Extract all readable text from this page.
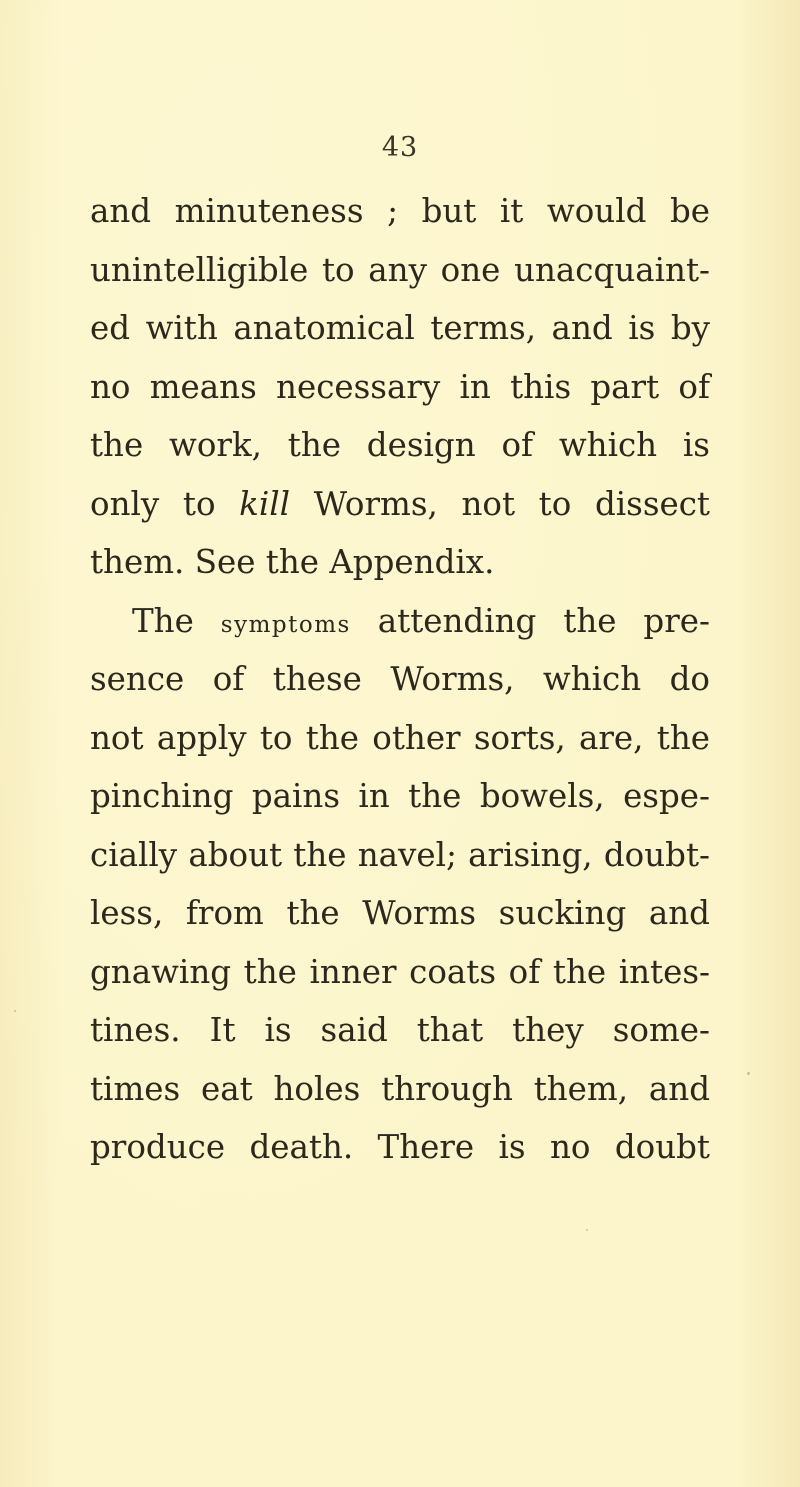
43
and minuteness ; but it would be
unintelligible to any one unacquaint-
ed with anatomical terms, and is by
no means necessary in this part of
the work, the design of which is
only to kill Worms, not to dissect
them. See the Appendix.
The symptoms attending the pre-
sence of these Worms, which do
not apply to the other sorts, are, the
pinching pains in the bowels, espe-
cially about the navel; arising, doubt-
less, from the Worms sucking and
gnawing the inner coats of the intes-
tines. It is said that they some-
times eat holes through them, and
produce death. There is no doubt
